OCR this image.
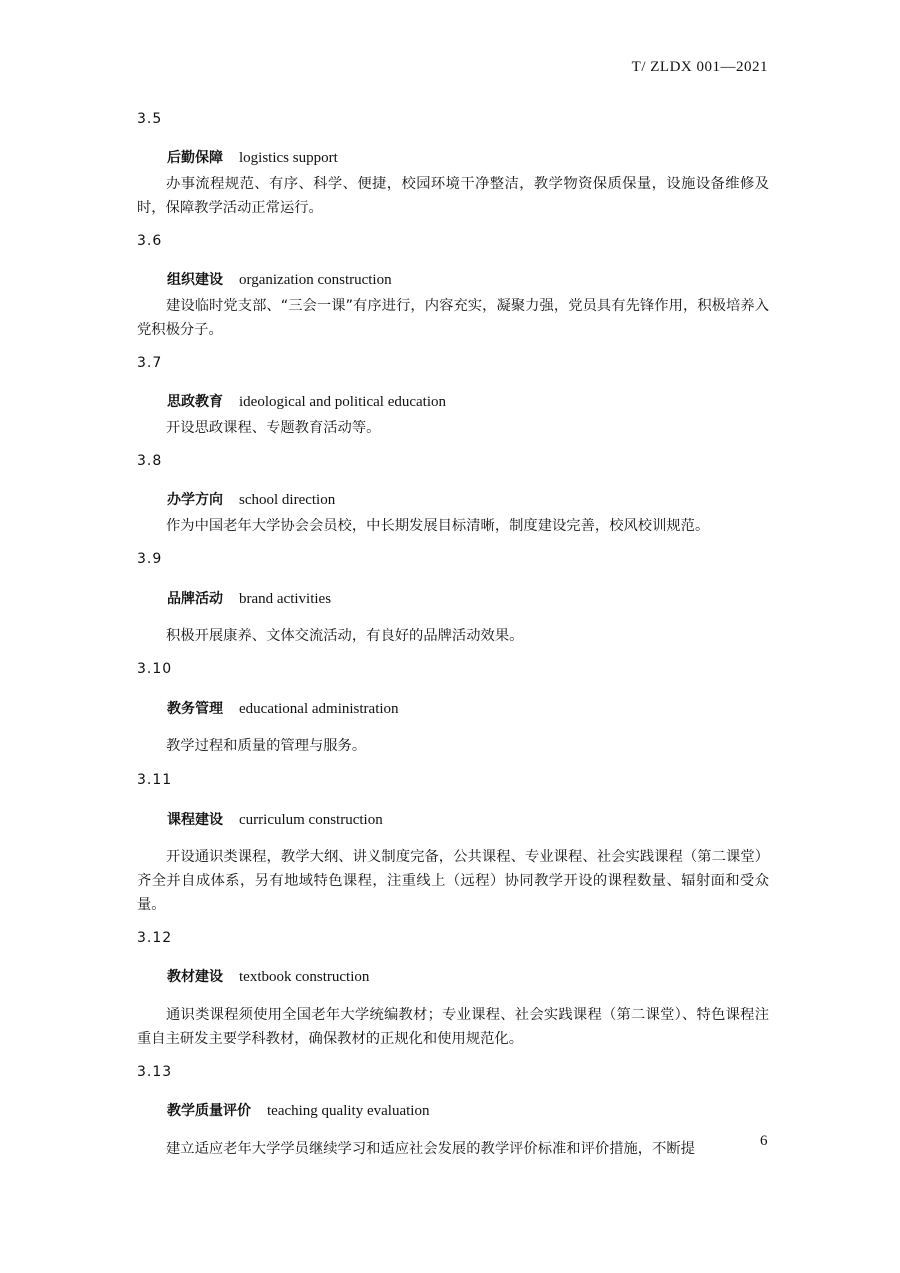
T/ ZLDX 001—2021
3.5
后勤保障 logistics support
办事流程规范、有序、科学、便捷，校园环境干净整洁，教学物资保质保量，设施设备维修及时，保障教学活动正常运行。
3.6
组织建设 organization construction
建设临时党支部、“三会一课”有序进行，内容充实，凝聚力强，党员具有先锋作用，积极培养入党积极分子。
3.7
思政教育 ideological and political education
开设思政课程、专题教育活动等。
3.8
办学方向 school direction
作为中国老年大学协会会员校，中长期发展目标清晰，制度建设完善，校风校训规范。
3.9
品牌活动 brand activities
积极开展康养、文体交流活动，有良好的品牌活动效果。
3.10
教务管理 educational administration
教学过程和质量的管理与服务。
3.11
课程建设 curriculum construction
开设通识类课程，教学大纲、讲义制度完备，公共课程、专业课程、社会实践课程（第二课堂）齐全并自成体系，另有地域特色课程，注重线上（远程）协同教学开设的课程数量、辐射面和受众量。
3.12
教材建设 textbook construction
通识类课程须使用全国老年大学统编教材；专业课程、社会实践课程（第二课堂）、特色课程注重自主研发主要学科教材，确保教材的正规化和使用规范化。
3.13
教学质量评价 teaching quality evaluation
建立适应老年大学学员继续学习和适应社会发展的教学评价标准和评价措施，不断提	6
